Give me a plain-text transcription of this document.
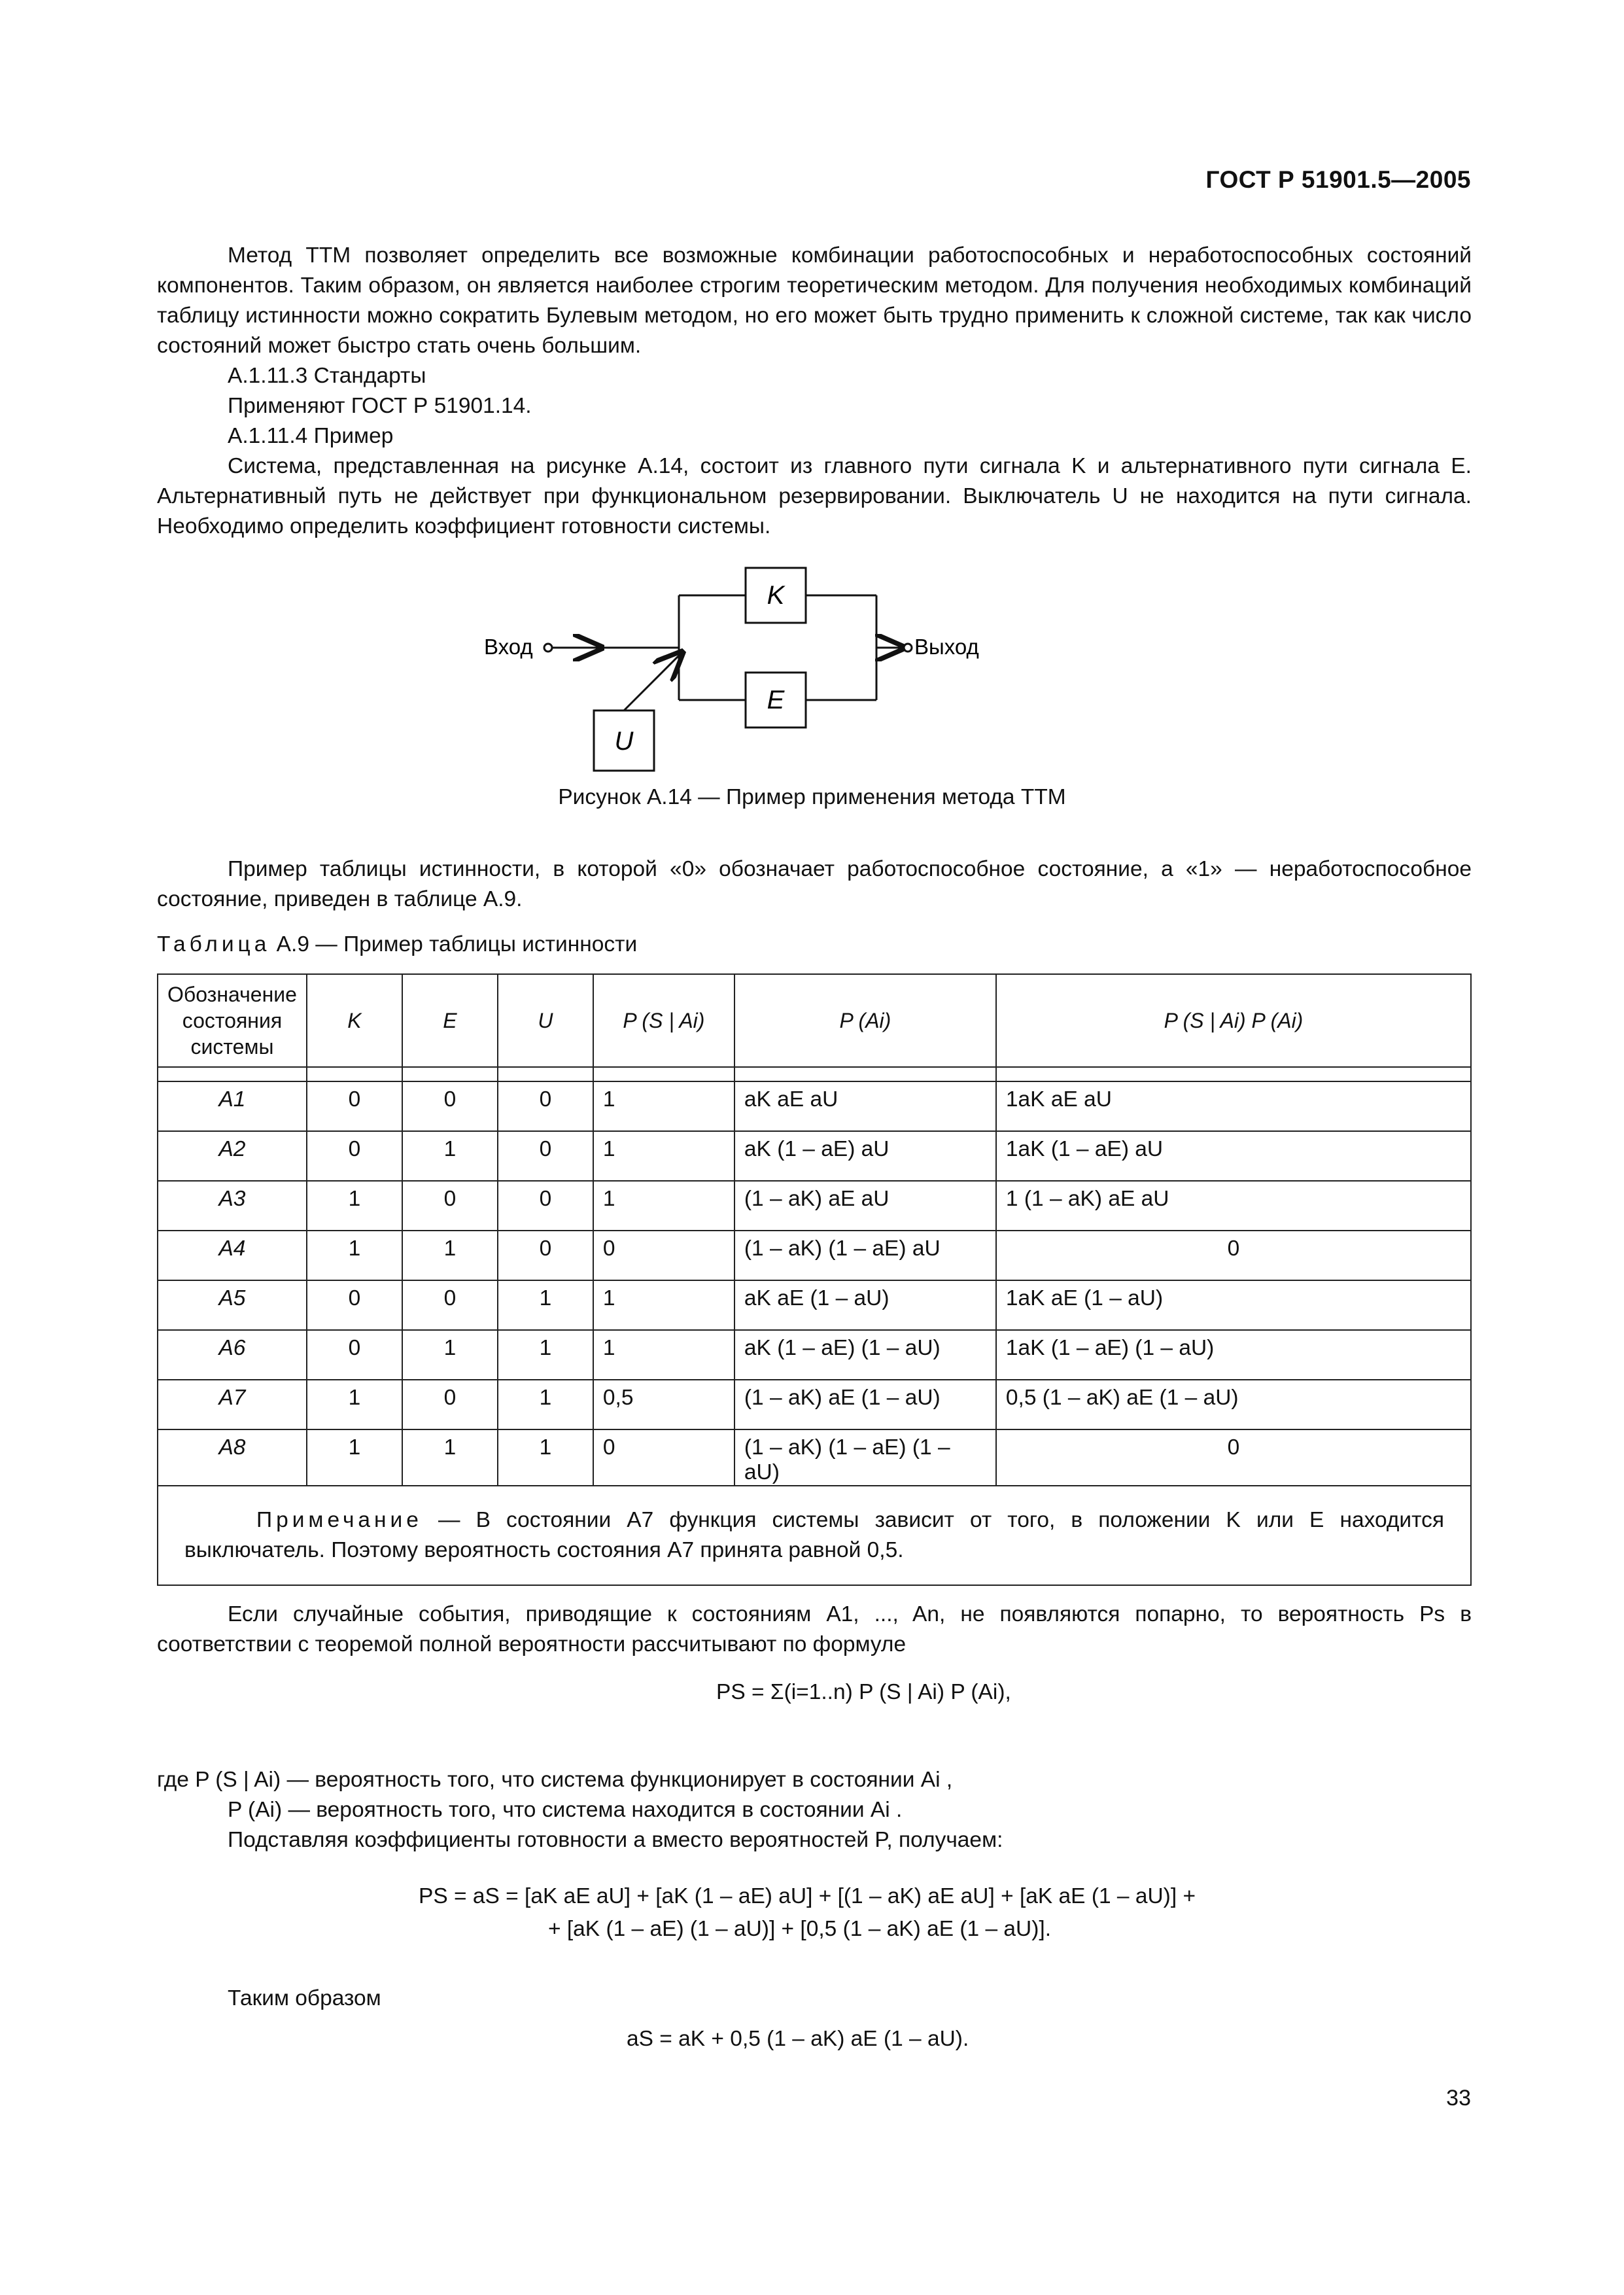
ГОСТ Р 51901.5—2005
Метод ТТМ позволяет определить все возможные комбинации работоспособных и неработоспособных состояний компонентов. Таким образом, он является наиболее строгим теоретическим методом. Для получения необходимых комбинаций таблицу истинности можно сократить Булевым методом, но его может быть трудно применить к сложной системе, так как число состояний может быстро стать очень большим.
А.1.11.3 Стандарты
Применяют ГОСТ Р 51901.14.
А.1.11.4 Пример
Система, представленная на рисунке А.14, состоит из главного пути сигнала K и альтернативного пути сигнала E. Альтернативный путь не действует при функциональном резервировании. Выключатель U не находится на пути сигнала. Необходимо определить коэффициент готовности системы.
Вход
K
E
Выход
U
Рисунок А.14 — Пример применения метода ТТМ
Пример таблицы истинности, в которой «0» обозначает работоспособное состояние, а «1» — неработоспособное состояние, приведен в таблице А.9.
Таблица А.9 — Пример таблицы истинности
Обозначение состояния системы	K	E	U	P (S | Ai)	P (Ai)	P (S | Ai) P (Ai)

A1	0	0	0	1	aK aE aU	1aK aE aU
A2	0	1	0	1	aK (1 – aE) aU	1aK (1 – aE) aU
A3	1	0	0	1	(1 – aK) aE aU	1 (1 – aK) aE aU
A4	1	1	0	0	(1 – aK) (1 – aE) aU	0
A5	0	0	1	1	aK aE (1 – aU)	1aK aE (1 – aU)
A6	0	1	1	1	aK (1 – aE) (1 – aU)	1aK (1 – aE) (1 – aU)
A7	1	0	1	0,5	(1 – aK) aE (1 – aU)	0,5 (1 – aK) aE (1 – aU)
A8	1	1	1	0	(1 – aK) (1 – aE) (1 – aU)	0
Примечание — В состоянии A7 функция системы зависит от того, в положении K или E находится выключатель. Поэтому вероятность состояния A7 принята равной 0,5.						
Если случайные события, приводящие к состояниям A1, ..., An, не появляются попарно, то вероятность Ps в соответствии с теоремой полной вероятности рассчитывают по формуле
PS = Σ(i=1..n) P (S | Ai) P (Ai),
где P (S | Ai) — вероятность того, что система функционирует в состоянии Ai ,
P (Ai) — вероятность того, что система находится в состоянии Ai .
Подставляя коэффициенты готовности a вместо вероятностей P, получаем:
PS = aS = [aK aE aU] + [aK (1 – aE) aU] + [(1 – aK) aE aU] + [aK aE (1 – aU)] +
+ [aK (1 – aE) (1 – aU)] + [0,5 (1 – aK) aE (1 – aU)].
Таким образом
aS = aK + 0,5 (1 – aK) aE (1 – aU).
33
